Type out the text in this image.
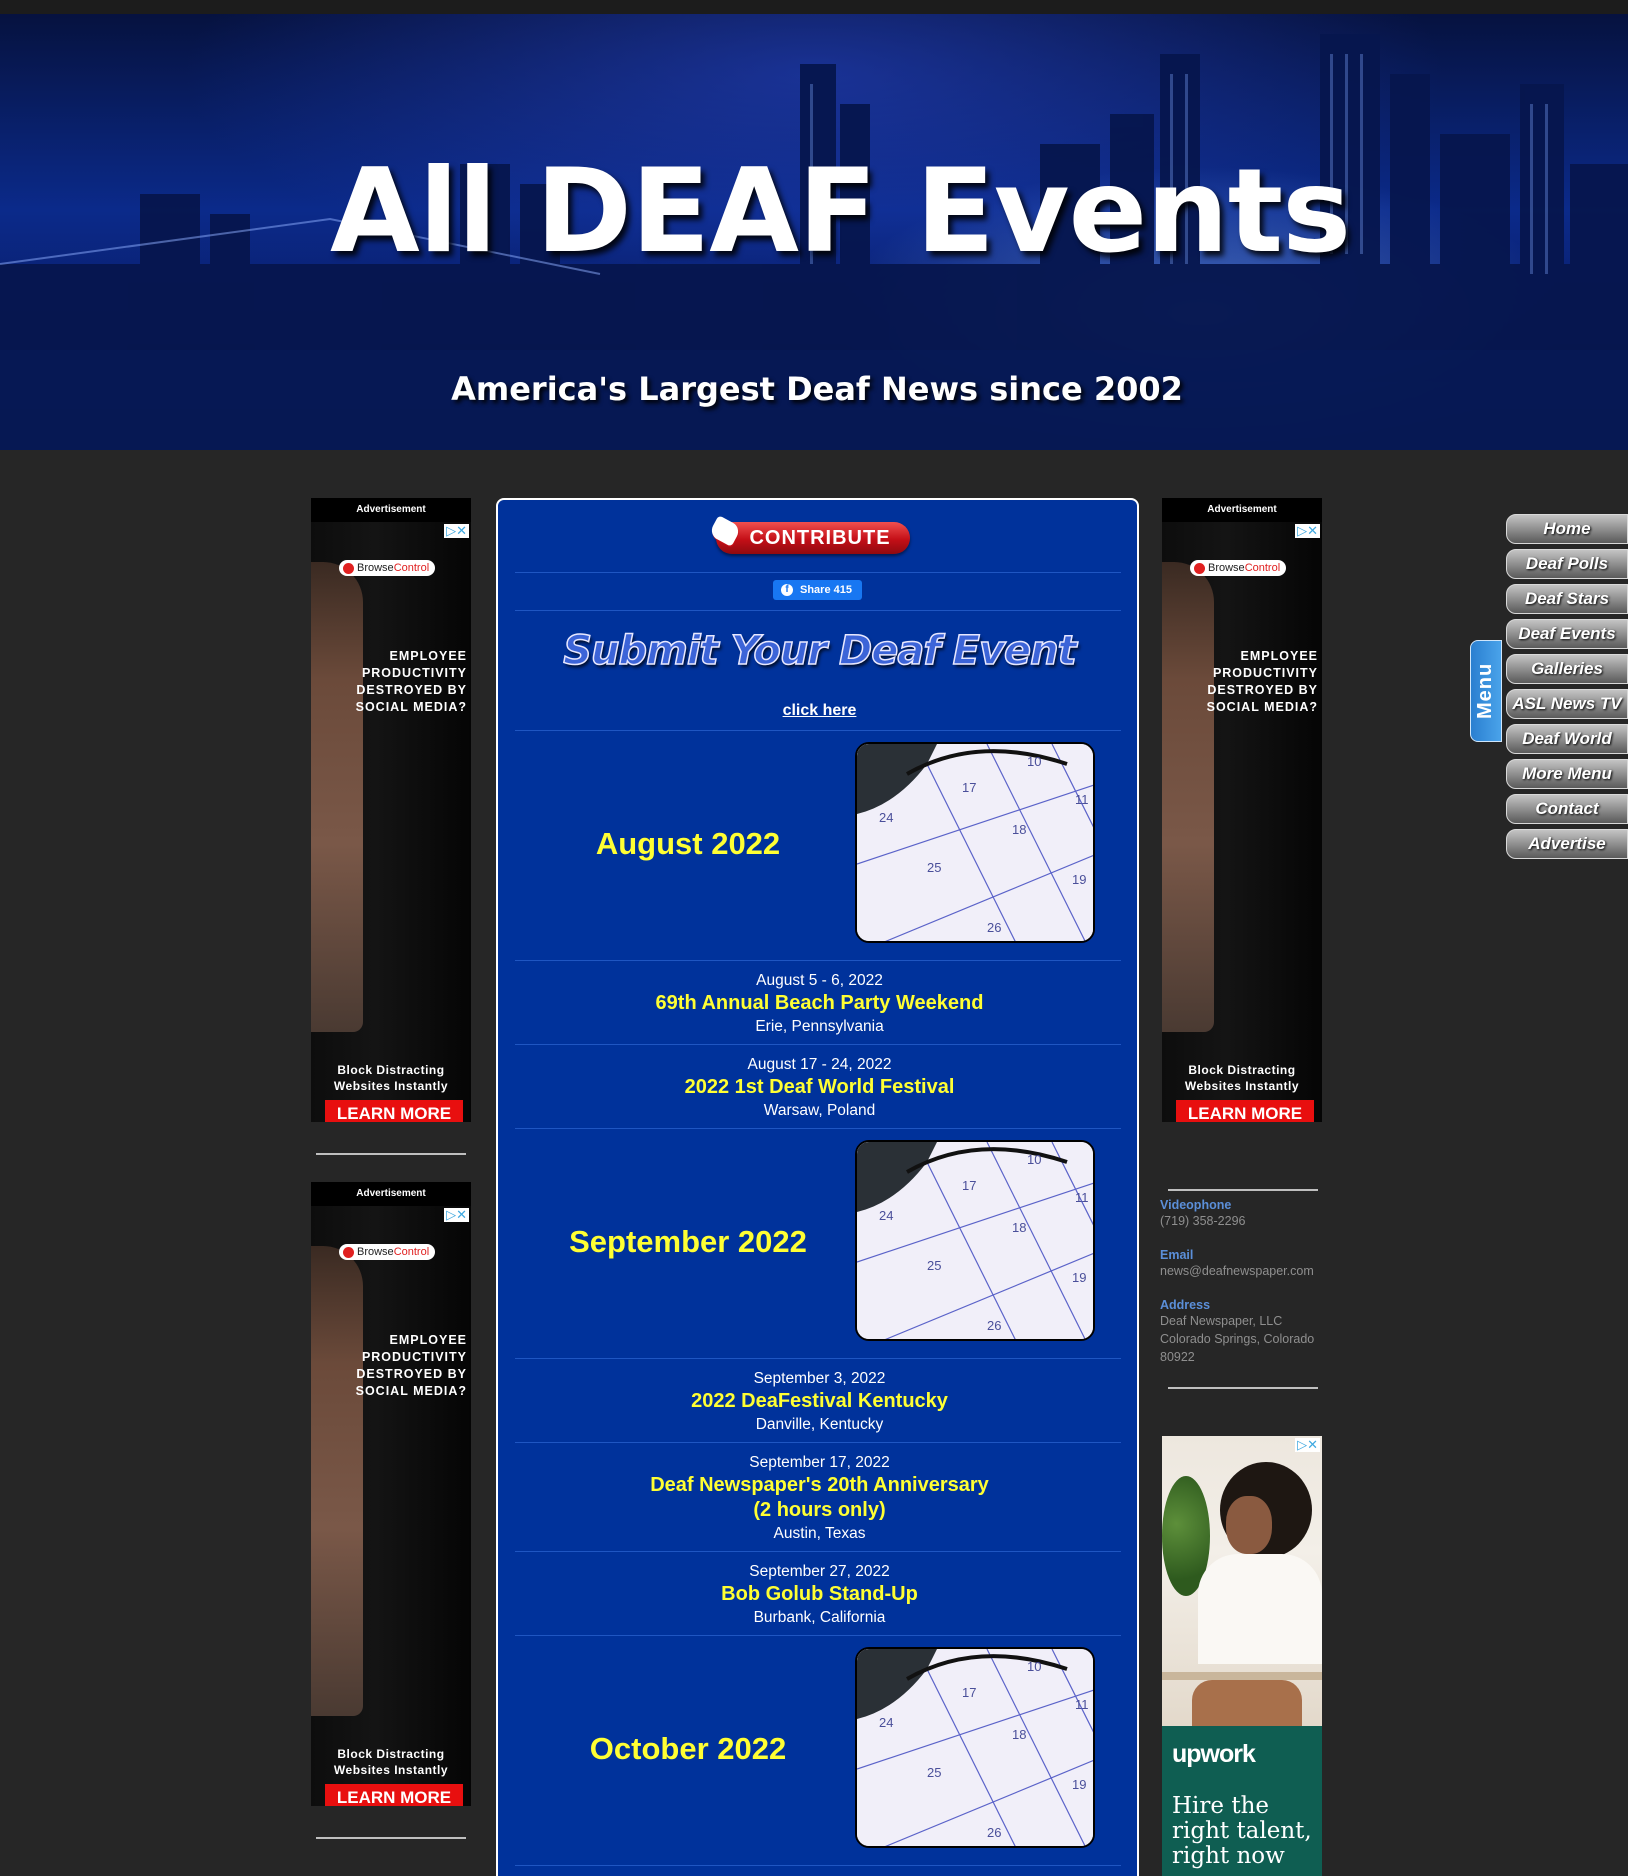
All DEAF Events
America's Largest Deaf News since 2002
Advertisement
▷✕
BrowseControl
EMPLOYEE
PRODUCTIVITY
DESTROYED BY
SOCIAL MEDIA?
Block Distracting
Websites Instantly
LEARN MORE
Advertisement
▷✕
BrowseControl
EMPLOYEE
PRODUCTIVITY
DESTROYED BY
SOCIAL MEDIA?
Block Distracting
Websites Instantly
LEARN MORE
Advertisement
▷✕
BrowseControl
EMPLOYEE
PRODUCTIVITY
DESTROYED BY
SOCIAL MEDIA?
Block Distracting
Websites Instantly
LEARN MORE
Videophone
(719) 358-2296
Email
news@deafnewspaper.com
Address
Deaf Newspaper, LLC
Colorado Springs, Colorado
80922
▷✕
upwork
Hire the
right talent,
right now
CONTRIBUTE
f	Share 415
Submit Your Deaf Event
click here
August 2022
10
17
11
24
18
25
19
26
August 5 - 6, 2022
69th Annual Beach Party Weekend
Erie, Pennsylvania
August 17 - 24, 2022
2022 1st Deaf World Festival
Warsaw, Poland
September 2022
10
17
11
24
18
25
19
26
September 3, 2022
2022 DeaFestival Kentucky
Danville, Kentucky
September 17, 2022
Deaf Newspaper's 20th Anniversary
(2 hours only)
Austin, Texas
September 27, 2022
Bob Golub Stand-Up
Burbank, California
October 2022
10
17
11
24
18
25
19
26
Menu
Home
Deaf Polls
Deaf Stars
Deaf Events
Galleries
ASL News TV
Deaf World
More Menu
Contact
Advertise
